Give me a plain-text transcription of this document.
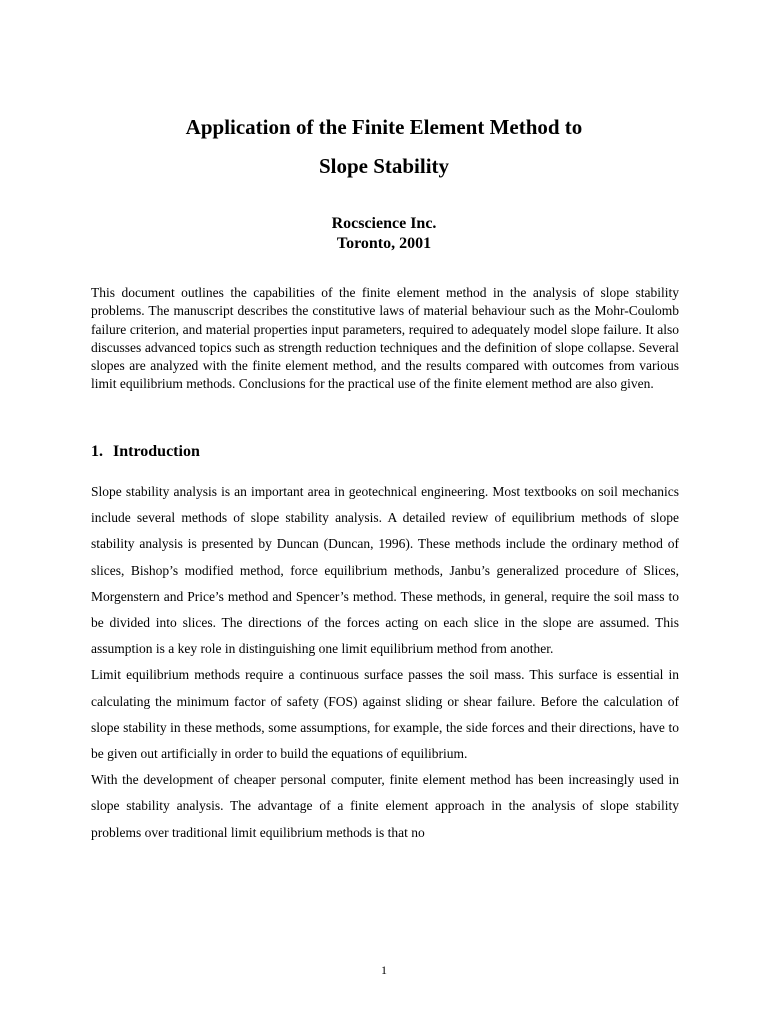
Application of the Finite Element Method to
Slope Stability
Rocscience Inc.
Toronto, 2001

This document outlines the capabilities of the finite element method in the analysis of slope stability problems. The manuscript describes the constitutive laws of material behaviour such as the Mohr-Coulomb failure criterion, and material properties input parameters, required to adequately model slope failure. It also discusses advanced topics such as strength reduction techniques and the definition of slope collapse. Several slopes are analyzed with the finite element method, and the results compared with outcomes from various limit equilibrium methods. Conclusions for the practical use of the finite element method are also given.

1. Introduction

Slope stability analysis is an important area in geotechnical engineering. Most textbooks on soil mechanics include several methods of slope stability analysis. A detailed review of equilibrium methods of slope stability analysis is presented by Duncan (Duncan, 1996). These methods include the ordinary method of slices, Bishop’s modified method, force equilibrium methods, Janbu’s generalized procedure of Slices, Morgenstern and Price’s method and Spencer’s method. These methods, in general, require the soil mass to be divided into slices. The directions of the forces acting on each slice in the slope are assumed. This assumption is a key role in distinguishing one limit equilibrium method from another.

Limit equilibrium methods require a continuous surface passes the soil mass. This surface is essential in calculating the minimum factor of safety (FOS) against sliding or shear failure. Before the calculation of slope stability in these methods, some assumptions, for example, the side forces and their directions, have to be given out artificially in order to build the equations of equilibrium.

With the development of cheaper personal computer, finite element method has been increasingly used in slope stability analysis. The advantage of a finite element approach in the analysis of slope stability problems over traditional limit equilibrium methods is that no

1
